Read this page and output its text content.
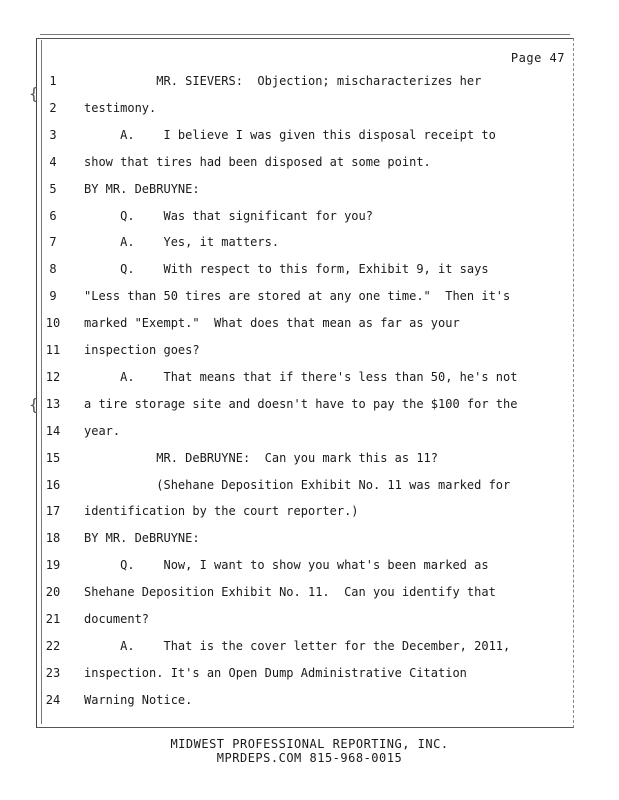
Page 47
1	MR. SIEVERS:  Objection; mischaracterizes her
2	testimony.
3	A.    I believe I was given this disposal receipt to
4	show that tires had been disposed at some point.
5	BY MR. DeBRUYNE:
6	Q.    Was that significant for you?
7	A.    Yes, it matters.
8	Q.    With respect to this form, Exhibit 9, it says
9	"Less than 50 tires are stored at any one time."  Then it's
10	marked "Exempt."  What does that mean as far as your
11	inspection goes?
12	A.    That means that if there's less than 50, he's not
13	a tire storage site and doesn't have to pay the $100 for the
14	year.
15	MR. DeBRUYNE:  Can you mark this as 11?
16	(Shehane Deposition Exhibit No. 11 was marked for
17	identification by the court reporter.)
18	BY MR. DeBRUYNE:
19	Q.    Now, I want to show you what's been marked as
20	Shehane Deposition Exhibit No. 11.  Can you identify that
21	document?
22	A.    That is the cover letter for the December, 2011,
23	inspection. It's an Open Dump Administrative Citation
24	Warning Notice.
{
{
MIDWEST PROFESSIONAL REPORTING, INC.
MPRDEPS.COM 815-968-0015
